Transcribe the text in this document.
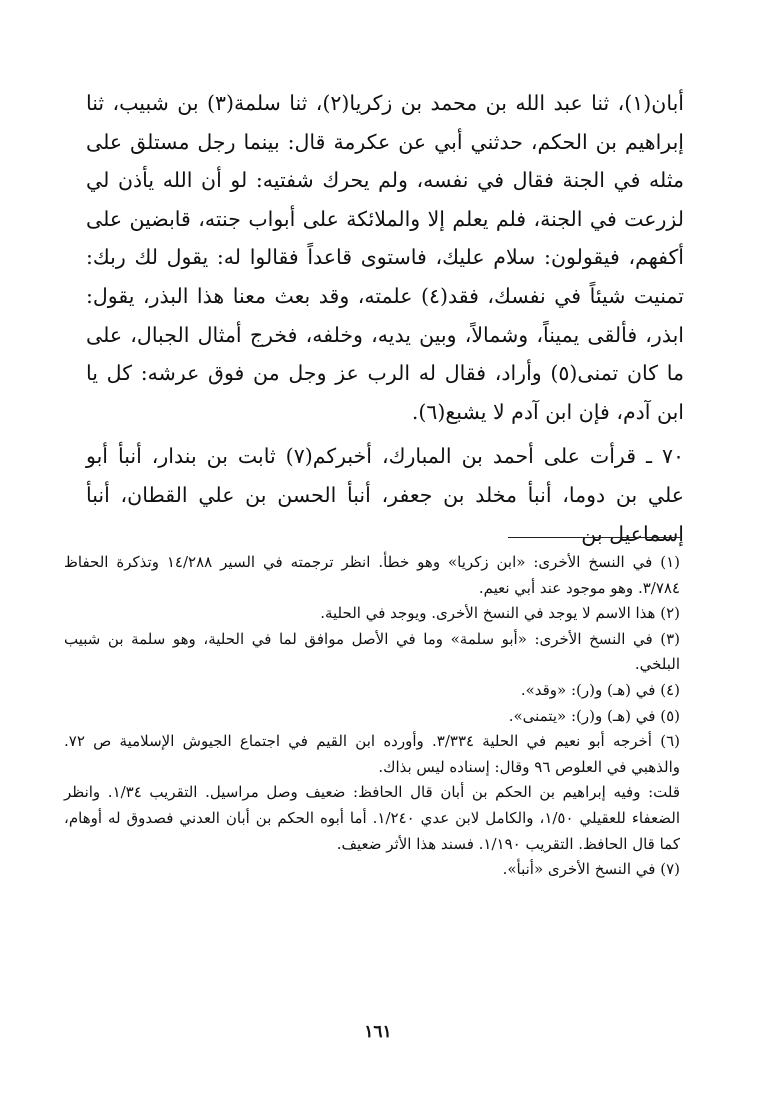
أبان(١)، ثنا عبد الله بن محمد بن زكريا(٢)، ثنا سلمة(٣) بن شبيب، ثنا إبراهيم بن الحكم، حدثني أبي عن عكرمة قال: بينما رجل مستلق على مثله في الجنة فقال في نفسه، ولم يحرك شفتيه: لو أن الله يأذن لي لزرعت في الجنة، فلم يعلم إلا والملائكة على أبواب جنته، قابضين على أكفهم، فيقولون: سلام عليك، فاستوى قاعداً فقالوا له: يقول لك ربك: تمنيت شيئاً في نفسك، فقد(٤) علمته، وقد بعث معنا هذا البذر، يقول: ابذر، فألقى يميناً، وشمالاً، وبين يديه، وخلفه، فخرج أمثال الجبال، على ما كان تمنى(٥) وأراد، فقال له الرب عز وجل من فوق عرشه: كل يا ابن آدم، فإن ابن آدم لا يشبع(٦).

٧٠ ـ قرأت على أحمد بن المبارك، أخبركم(٧) ثابت بن بندار، أنبأ أبو علي بن دوما، أنبأ مخلد بن جعفر، أنبأ الحسن بن علي القطان، أنبأ إسماعيل بن

(١) في النسخ الأخرى: «ابن زكريا» وهو خطأ. انظر ترجمته في السير ١٤/٢٨٨ وتذكرة الحفاظ ٣/٧٨٤. وهو موجود عند أبي نعيم.

(٢) هذا الاسم لا يوجد في النسخ الأخرى. ويوجد في الحلية.

(٣) في النسخ الأخرى: «أبو سلمة» وما في الأصل موافق لما في الحلية، وهو سلمة بن شبيب البلخي.

(٤) في (هـ) و(ر): «وقد».

(٥) في (هـ) و(ر): «يتمنى».

(٦) أخرجه أبو نعيم في الحلية ٣/٣٣٤. وأورده ابن القيم في اجتماع الجيوش الإسلامية ص ٧٢. والذهبي في العلوص ٩٦ وقال: إسناده ليس بذاك.

قلت: وفيه إبراهيم بن الحكم بن أبان قال الحافظ: ضعيف وصل مراسيل. التقريب ١/٣٤. وانظر الضعفاء للعقيلي ١/٥٠، والكامل لابن عدي ١/٢٤٠. أما أبوه الحكم بن أبان العدني فصدوق له أوهام، كما قال الحافظ. التقريب ١/١٩٠. فسند هذا الأثر ضعيف.

(٧) في النسخ الأخرى «أنبأ».

١٦١
